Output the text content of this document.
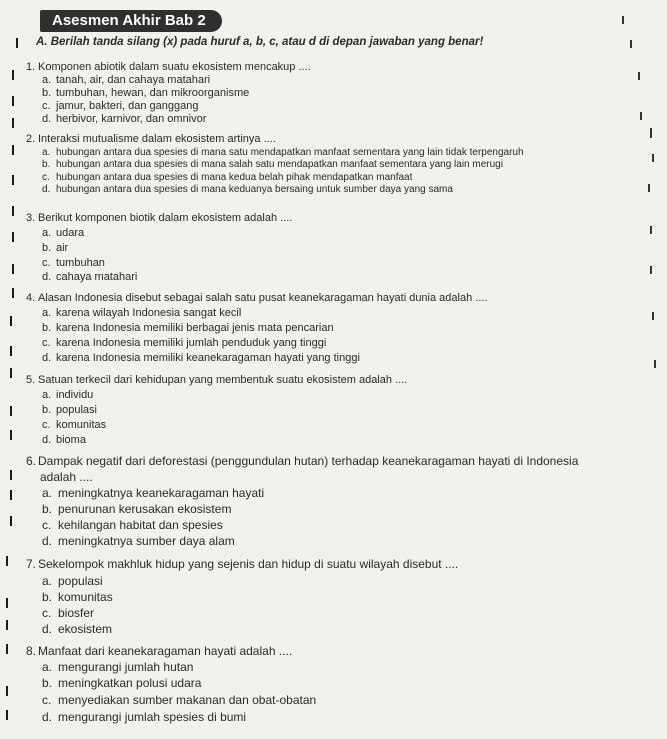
Asesmen Akhir Bab 2
A. Berilah tanda silang (x) pada huruf a, b, c, atau d di depan jawaban yang benar!
1. Komponen abiotik dalam suatu ekosistem mencakup ....
a. tanah, air, dan cahaya matahari
b. tumbuhan, hewan, dan mikroorganisme
c. jamur, bakteri, dan ganggang
d. herbivor, karnivor, dan omnivor
2. Interaksi mutualisme dalam ekosistem artinya ....
a. hubungan antara dua spesies di mana satu mendapatkan manfaat sementara yang lain tidak terpengaruh
b. hubungan antara dua spesies di mana salah satu mendapatkan manfaat sementara yang lain merugi
c. hubungan antara dua spesies di mana kedua belah pihak mendapatkan manfaat
d. hubungan antara dua spesies di mana keduanya bersaing untuk sumber daya yang sama
3. Berikut komponen biotik dalam ekosistem adalah ....
a. udara
b. air
c. tumbuhan
d. cahaya matahari
4. Alasan Indonesia disebut sebagai salah satu pusat keanekaragaman hayati dunia adalah ....
a. karena wilayah Indonesia sangat kecil
b. karena Indonesia memiliki berbagai jenis mata pencarian
c. karena Indonesia memiliki jumlah penduduk yang tinggi
d. karena Indonesia memiliki keanekaragaman hayati yang tinggi
5. Satuan terkecil dari kehidupan yang membentuk suatu ekosistem adalah ....
a. individu
b. populasi
c. komunitas
d. bioma
6. Dampak negatif dari deforestasi (penggundulan hutan) terhadap keanekaragaman hayati di Indonesia
adalah ....
a. meningkatnya keanekaragaman hayati
b. penurunan kerusakan ekosistem
c. kehilangan habitat dan spesies
d. meningkatnya sumber daya alam
7. Sekelompok makhluk hidup yang sejenis dan hidup di suatu wilayah disebut ....
a. populasi
b. komunitas
c. biosfer
d. ekosistem
8. Manfaat dari keanekaragaman hayati adalah ....
a. mengurangi jumlah hutan
b. meningkatkan polusi udara
c. menyediakan sumber makanan dan obat-obatan
d. mengurangi jumlah spesies di bumi
